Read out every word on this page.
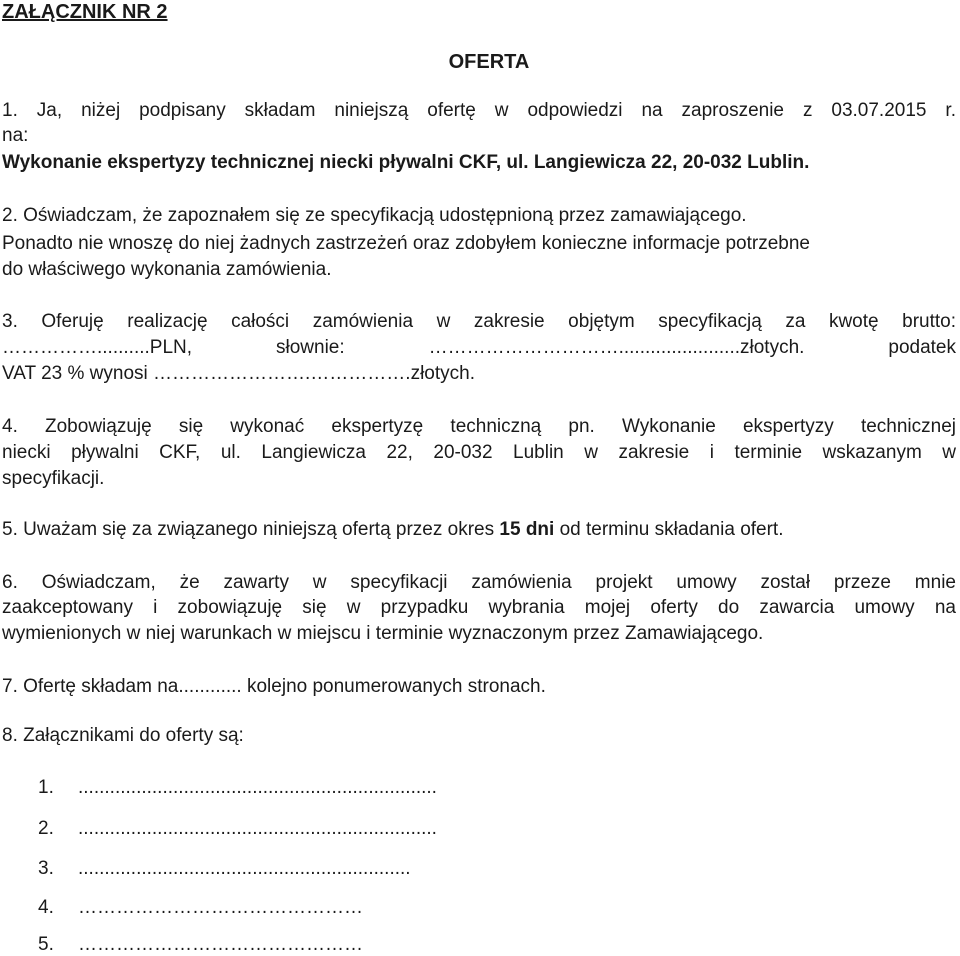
ZAŁĄCZNIK NR 2
OFERTA
1. Ja, niżej podpisany składam niniejszą ofertę w odpowiedzi na zaproszenie z 03.07.2015 r.
na:
Wykonanie ekspertyzy technicznej niecki pływalni CKF, ul. Langiewicza 22, 20-032 Lublin.
2. Oświadczam, że zapoznałem się ze specyfikacją udostępnioną przez zamawiającego.
Ponadto nie wnoszę do niej żadnych zastrzeżeń oraz zdobyłem konieczne informacje potrzebne
do właściwego wykonania zamówienia.
3. Oferuję realizację całości zamówienia w zakresie objętym specyfikacją za kwotę brutto:
……………..........PLN, słownie: ………………………….......................złotych. podatek
VAT 23 % wynosi …………………….…………….złotych.
4. Zobowiązuję się wykonać ekspertyzę techniczną pn. Wykonanie ekspertyzy technicznej
niecki pływalni CKF, ul. Langiewicza 22, 20-032 Lublin w zakresie i terminie wskazanym w
specyfikacji.
5. Uważam się za związanego niniejszą ofertą przez okres 15 dni od terminu składania ofert.
6. Oświadczam, że zawarty w specyfikacji zamówienia projekt umowy został przeze mnie
zaakceptowany i zobowiązuję się w przypadku wybrania mojej oferty do zawarcia umowy na
wymienionych w niej warunkach w miejscu i terminie wyznaczonym przez Zamawiającego.
7. Ofertę składam na............ kolejno ponumerowanych stronach.
8. Załącznikami do oferty są:
1. ....................................................................
2. ....................................................................
3. ...............................................................
4. ………………………………………
5. ………………………………………
